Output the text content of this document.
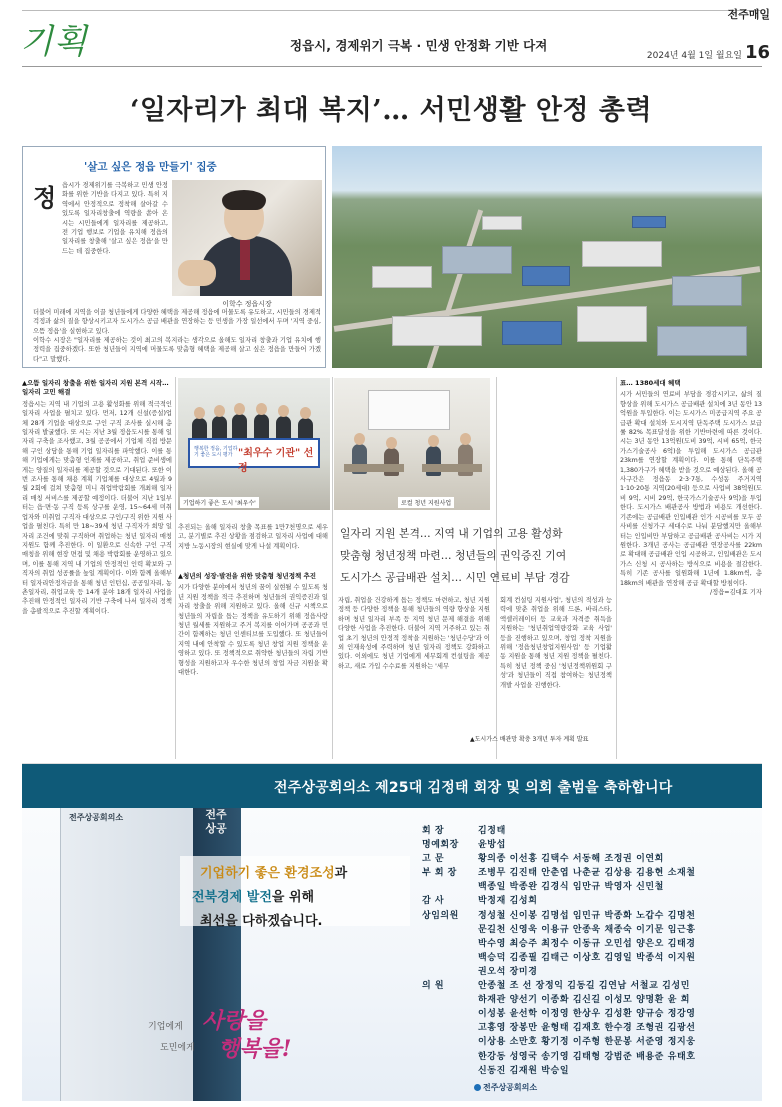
기획	정읍시, 경제위기 극복 · 민생 안정화 기반 다져
전주매일
2024년 4월 1일 월요일 16
‘일자리가 최대 복지’… 서민생활 안정 총력
'살고 싶은 정읍 만들기' 집중
정 읍시가 경제위기를 극복하고 민생 안정화를 위한 기반을 다지고 있다. 특히 지역에서 안정적으로 정착해 살아갈 수 있도록 일자리창출에 역량을 쏟아 온 시는 시민들에게 일자리를 제공하고, 전 기업 행보로 기업을 유치해 정읍의 일자리를 창출해 '살고 싶은 정읍'을 만드는 데 집중한다.
이학수 정읍시장
더불어 미래에 지역을 이끌 청년들에게 다양한 혜택을 제공해 정읍에 머물도록 유도하고, 시민들의 경제적 걱정과 삶의 질을 향상시키고자 도시가스 공급 배관을 연장하는 등 민생을 가장 일선에서 두며 '지역 중심, 으뜸 정읍'을 실현하고 있다.
이학수 시장은 "일자리를 제공하는 것이 최고의 복지라는 생각으로 올해도 일자리 창출과 기업 유치에 행정력을 집중하겠다. 또한 청년들이 지역에 머물도록 맞춤형 혜택을 제공해 살고 싶은 정읍을 만들어 가겠다"고 말했다.
▲으뜸 일자리 창출을 위한 일자리 지원 본격 시작… 일자리 고민 해결
정읍시는 지역 내 기업의 고용 활성화를 위해 적극적인 일자리 사업을 펼치고 있다. 먼저, 12개 신설(증설)업체 28개 기업을 대상으로 구인 구직 조사를 실시해 총 일자리 발굴했다. 또 시는 지난 3월 정읍도시를 통해 일자리 구축을 조사했고, 3월 공공에서 기업체 직접 방문해 구인 상담을 통해 기업 일자리를 파악했다. 이를 통해 기업에게는 맞춤형 인재를 제공하고, 취업 준비생에게는 양질의 일자리를 제공할 것으로 기대된다. 또한 이번 조사를 통해 채용 계획 기업체를 대상으로 4월과 9월 2회에 걸쳐 맞춤형 미니 취업박람회를 개최해 일자리 매칭 서비스를 제공할 예정이다. 더불어 지난 1일부터는 읍·면·동 구직 등록 상구를 운영, 15~64세 미취업자와 미취업 구직자 대상으로 구인/구직 위한 지원 사업을 펼친다. 특히 만 18~39세 청년 구직자가 희망 일자리 조건에 맞춰 구직하며 취업하는 청년 일자리 매칭 지원도 함께 추진한다. 이 일환으로 신속한 구인 구직 매칭을 위해 현장 면접 및 채용 박람회를 운영하고 있으며, 이를 통해 지역 내 기업의 안정적인 인력 확보와 구직자의 취업 성공률을 높일 계획이다. 이와 함께 올해부터 일자리안정자금을 통해 청년 인턴십, 공공일자리, 농촌일자리, 취업교육 등 14개 분야 18개 일자리 사업을 추진해 안정적인 일자리 기반 구축에 나서 일자리 정책을 총괄적으로 추진할 계획이다.
행복한 정읍, 기업하기 좋은 도시 평가 "최우수 기관" 선정
기업하기 좋은 도시 '최우수'	로컬 청년 지원사업
추진되는 올해 일자리 창출 목표를 1만7천명으로 세우고, 분기별로 추진 상황을 점검하고 일자리 사업에 대해 지방 노동시장의 현실에 맞게 나설 계획이다.
▲청년의 성장·발전을 위한 맞춤형 청년정책 추진
시가 다양한 분야에서 청년의 꿈이 실현될 수 있도록 청년 지원 정책을 적극 추진하며 청년들의 권익증진과 일자리 창출을 위해 지원하고 있다. 올해 신규 시책으로 청년들의 자립을 돕는 정책을 유도하기 위해 정읍사랑 청년 월세를 지원하고 주거 복지를 이어가며 공공과 민간이 함께하는 청년 인센티브를 도입했다. 또 청년들이 지역 내에 안착할 수 있도록 청년 창업 지원 정책을 운영하고 있다. 또 정책적으로 취약한 청년들의 자립 기반 형성을 지원하고자 우수한 청년의 창업 자금 지원을 확대한다.
일자리 지원 본격… 지역 내 기업의 고용 활성화
맞춤형 청년정책 마련… 청년들의 권익증진 기여
도시가스 공급배관 설치… 시민 연료비 부담 경감
자립, 취업을 건강하게 돕는 정책도 마련하고, 청년 지원 정책 등 다양한 정책을 통해 청년들의 역량 향상을 지원하며 청년 일자리 부족 등 지역 청년 문제 해결을 위해 다양한 사업을 추진한다. 더불어 지역 거주하고 있는 취업 초기 청년의 안정적 정착을 지원하는 '청년수당'과 이외 인재육성에 주력하며 청년 일자리 정책도 강화하고 있다. 이외에도 청년 기업에게 세무회계 컨설팅을 제공하고, 새로 가입 수수료를 지원하는 '세무
회계 컨설팅 지원사업', 청년의 적성과 능력에 맞춘 취업을 위해 드론, 바리스타, 액셀러레이터 등 교육과 자격증 취득을 지원하는 '청년취업역량강화 교육 사업' 등을 진행하고 있으며, 창업 정착 지원을 위해 '정읍청년창업지원사업' 등 기업활동 지원을 통해 청년 지원 정책을 펼친다. 특히 청년 정책 중심 '청년정책위원회 구성'과 청년들이 직접 참여하는 청년정책 개발 사업을 진행한다.
▲도시가스 배관망 확충 3개년 투자 계획 발표
표… 1380세대 혜택
시가 서민들의 연료비 부담을 경감시키고, 삶의 질 향상을 위해 도시가스 공급배관 설치에 3년 동안 13억원을 투입한다. 이는 도시가스 미공급지역 주요 공급관 확대 설치와 도시지역 단독주택 도시가스 보급률 82% 목표달성을 위한 기반마련에 따른 것이다. 시는 3년 동안 13억원(도비 39억, 시비 65억, 한국가스기술공사 6억)을 투입해 도시가스 공급관 23km를 연장할 계획이다. 이를 통해 단독주택 1,380가구가 혜택을 받을 것으로 예상된다. 올해 공사구간은 정읍동 2·3·7통, 수성동 주거지역 1·10·20통 지역(20세대) 등으로 사업비 38억원(도비 9억, 시비 29억, 한국가스기술공사 9억)을 투입한다. 도시가스 배관공사 방법과 비용도 개선한다. 기존에는 공급배관 인입배관 인가 시공비를 모두 공사비를 신청가구 세대수로 나눠 분담했지만 올해부터는 인입비만 부담하고 공급배관 공사비는 시가 지원한다. 3개년 공사는 공급배관 연장공사를 22km로 확대해 공급배관 인입 시공하고, 인입배관은 도시가스 신청 시 공사하는 방식으로 비용을 절감한다. 특히 기존 공사를 일원화해 1년에 1.8km씩, 총 18km의 배관을 연장해 공급 확대할 방침이다.
/정읍=김대효 기자
전주상공회의소	전주상공
전주상공회의소 제25대 김정태 회장 및 의회 출범을 축하합니다
기업하기 좋은 환경조성과
전북경제 발전을 위해
최선을 다하겠습니다.
기업에게
도민에게
사랑을
행복을!
회 장	김정태
명예회장	윤방섭
고 문	황의종 이선홍 김택수 서동해 조정권 이연희
부 회 장	조병무 김진태 안춘엽 나춘균 김상용 김용현 소재철
백종일 박종완 김경식 임만규 박영자 신민철
감 사	박정재 김성희
상임의원	정성철 신이봉 김명섭 임민규 박종화 노갑수 김명천
문길천 신영욱 이용규 안종욱 채종숙 이기문 임근홍
박수영 최승주 최정수 이동규 오민섭 양은오 김태경
백승덕 김종필 김태근 이상호 김영일 박종석 이지원
권오석 장미경
의 원	안종철 조 선 장정익 김동길 김연남 서철교 김성민
하재관 양선기 이종화 김신길 이성모 양명환 윤 희
이성봉 윤선학 이정영 한상우 김성환 양규승 정강영
고홍영 장봉만 윤형태 김재호 한수경 조형권 김광선
이상용 소만호 황기정 이주형 한문봉 서준영 정지웅
한강동 성영국 송기영 김태형 강범준 배용준 유태호
신동진 김재원 박승일
전주상공회의소
